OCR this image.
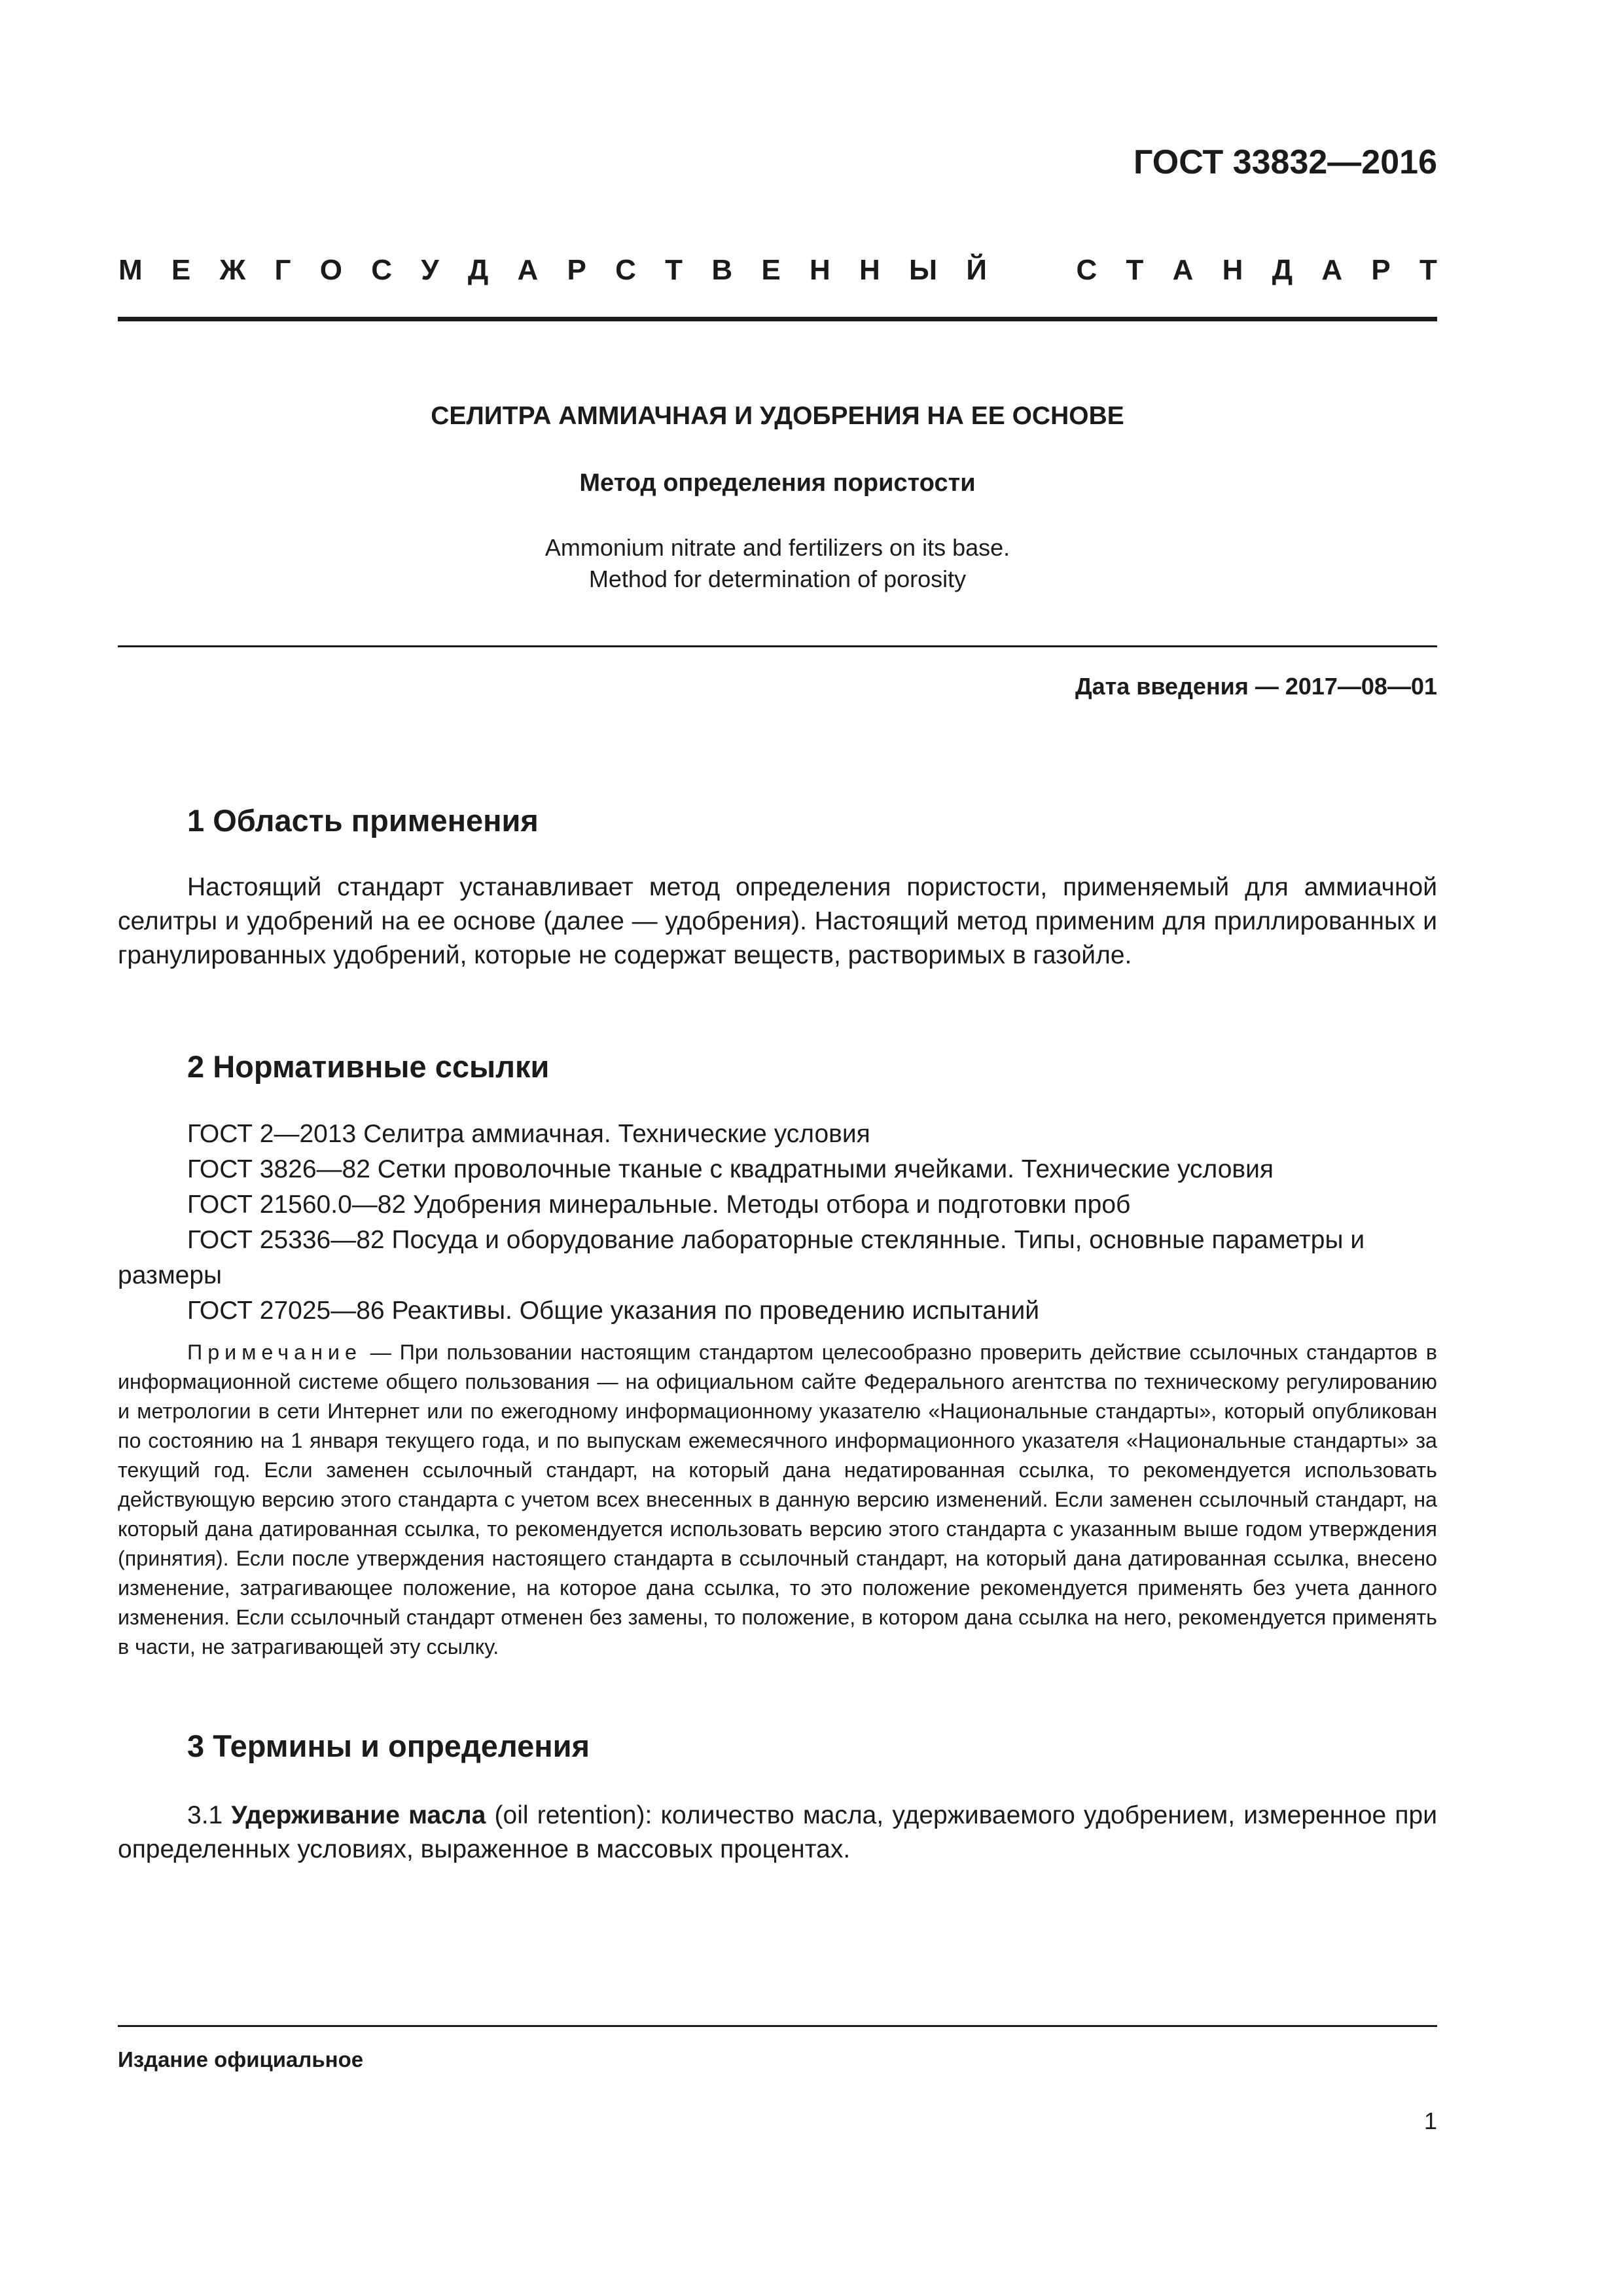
ГОСТ 33832—2016
М Е Ж Г О С У Д А Р С Т В Е Н Н Ы Й	С Т А Н Д А Р Т
СЕЛИТРА АММИАЧНАЯ И УДОБРЕНИЯ НА ЕЕ ОСНОВЕ
Метод определения пористости
Ammonium nitrate and fertilizers on its base.
Method for determination of porosity
Дата введения — 2017—08—01
1 Область применения

Настоящий стандарт устанавливает метод определения пористости, применяемый для аммиачной селитры и удобрений на ее основе (далее — удобрения). Настоящий метод применим для приллированных и гранулированных удобрений, которые не содержат веществ, растворимых в газойле.

2 Нормативные ссылки

ГОСТ 2—2013 Селитра аммиачная. Технические условия

ГОСТ 3826—82 Сетки проволочные тканые с квадратными ячейками. Технические условия

ГОСТ 21560.0—82 Удобрения минеральные. Методы отбора и подготовки проб

ГОСТ 25336—82 Посуда и оборудование лабораторные стеклянные. Типы, основные параметры и размеры

ГОСТ 27025—86 Реактивы. Общие указания по проведению испытаний

Примечание — При пользовании настоящим стандартом целесообразно проверить действие ссылочных стандартов в информационной системе общего пользования — на официальном сайте Федерального агентства по техническому регулированию и метрологии в сети Интернет или по ежегодному информационному указателю «Национальные стандарты», который опубликован по состоянию на 1 января текущего года, и по выпускам ежемесячного информационного указателя «Национальные стандарты» за текущий год. Если заменен ссылочный стандарт, на который дана недатированная ссылка, то рекомендуется использовать действующую версию этого стандарта с учетом всех внесенных в данную версию изменений. Если заменен ссылочный стандарт, на который дана датированная ссылка, то рекомендуется использовать версию этого стандарта с указанным выше годом утверждения (принятия). Если после утверждения настоящего стандарта в ссылочный стандарт, на который дана датированная ссылка, внесено изменение, затрагивающее положение, на которое дана ссылка, то это положение рекомендуется применять без учета данного изменения. Если ссылочный стандарт отменен без замены, то положение, в котором дана ссылка на него, рекомендуется применять в части, не затрагивающей эту ссылку.

3 Термины и определения

3.1 Удерживание масла (oil retention): количество масла, удерживаемого удобрением, измеренное при определенных условиях, выраженное в массовых процентах.

Издание официальное
1
